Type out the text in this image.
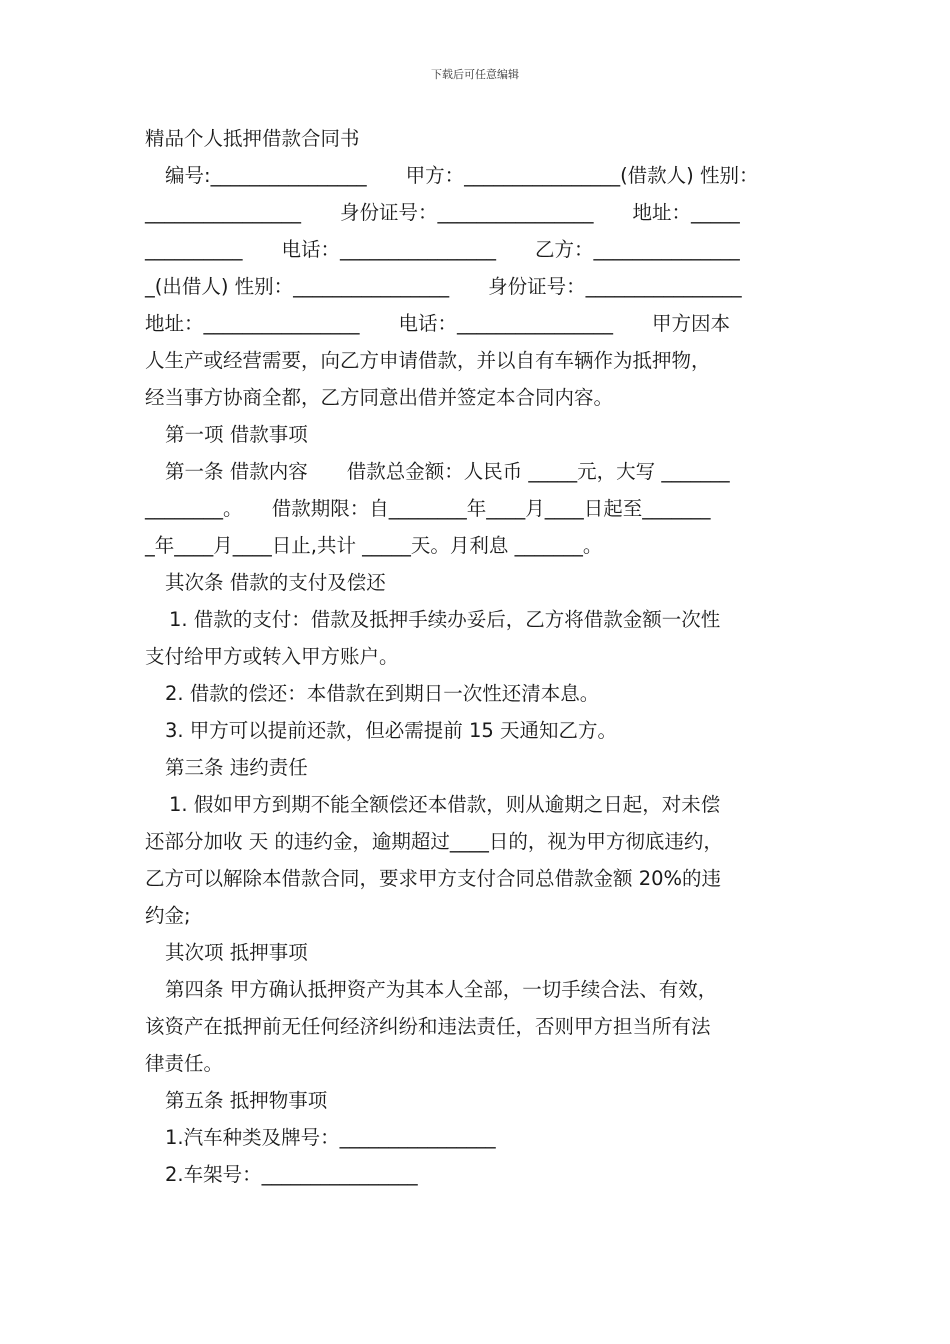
下载后可任意编辑

精品个人抵押借款合同书

编号:________________　　甲方：________________(借款人) 性别：

________________　　身份证号：________________　　地址：_____

__________　　电话：________________　　乙方：_______________

_(出借人) 性别：________________　　身份证号：________________

地址：________________　　电话：________________　　甲方因本

人生产或经营需要，向乙方申请借款，并以自有车辆作为抵押物，

经当事方协商全都，乙方同意出借并签定本合同内容。

第一项 借款事项

第一条 借款内容　　借款总金额：人民币 _____元，大写 _______

________。　　借款期限：自________年____月____日起至_______

_年____月____日止,共计 _____天。月利息 _______。

其次条 借款的支付及偿还

1. 借款的支付：借款及抵押手续办妥后，乙方将借款金额一次性

支付给甲方或转入甲方账户。

2. 借款的偿还：本借款在到期日一次性还清本息。

3. 甲方可以提前还款，但必需提前 15 天通知乙方。

第三条 违约责任

1. 假如甲方到期不能全额偿还本借款，则从逾期之日起，对未偿

还部分加收 天 的违约金，逾期超过____日的，视为甲方彻底违约，

乙方可以解除本借款合同，要求甲方支付合同总借款金额 20%的违

约金;

其次项 抵押事项

第四条 甲方确认抵押资产为其本人全部，一切手续合法、有效，

该资产在抵押前无任何经济纠纷和违法责任，否则甲方担当所有法

律责任。

第五条 抵押物事项

1.汽车种类及牌号：________________

2.车架号：________________
